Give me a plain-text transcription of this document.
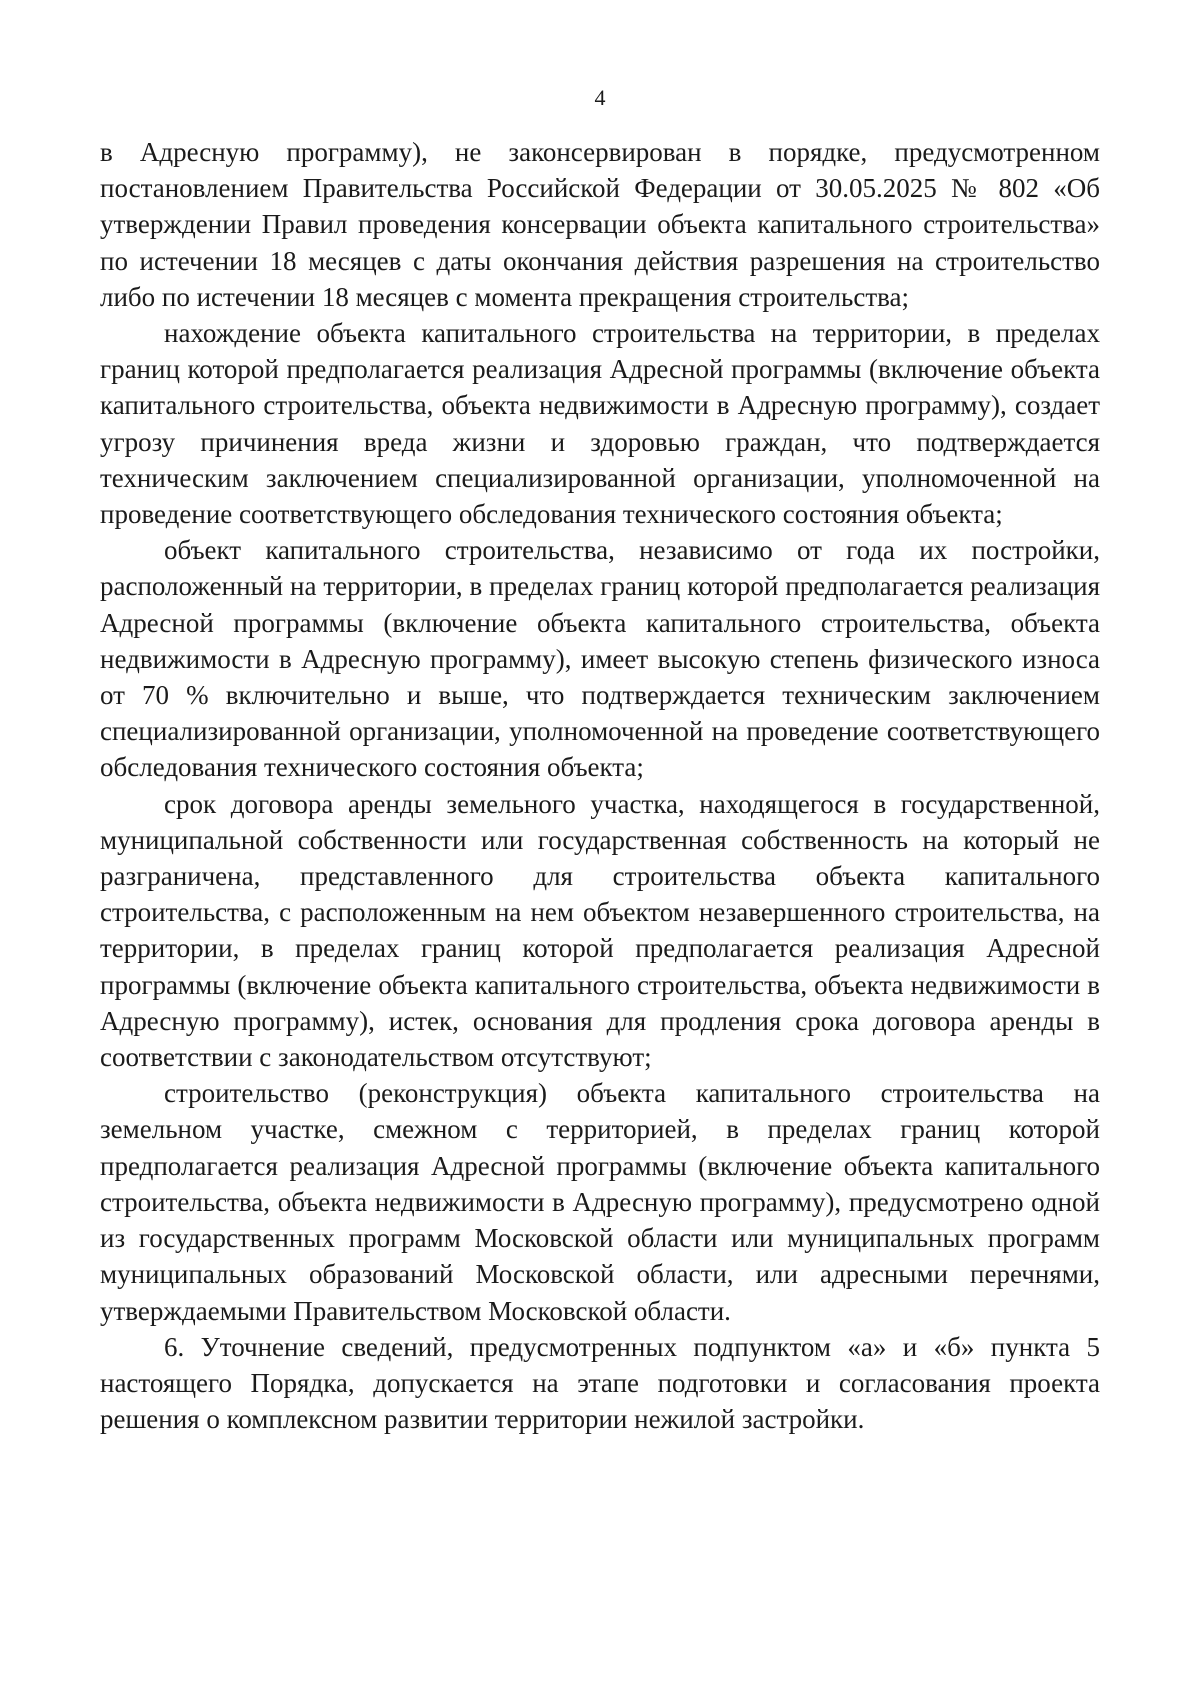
4

в Адресную программу), не законсервирован в порядке, предусмотренном постановлением Правительства Российской Федерации от 30.05.2025 № 802 «Об утверждении Правил проведения консервации объекта капитального строительства» по истечении 18 месяцев с даты окончания действия разрешения на строительство либо по истечении 18 месяцев с момента прекращения строительства;

нахождение объекта капитального строительства на территории, в пределах границ которой предполагается реализация Адресной программы (включение объекта капитального строительства, объекта недвижимости в Адресную программу), создает угрозу причинения вреда жизни и здоровью граждан, что подтверждается техническим заключением специализированной организации, уполномоченной на проведение соответствующего обследования технического состояния объекта;

объект капитального строительства, независимо от года их постройки, расположенный на территории, в пределах границ которой предполагается реализация Адресной программы (включение объекта капитального строительства, объекта недвижимости в Адресную программу), имеет высокую степень физического износа от 70 % включительно и выше, что подтверждается техническим заключением специализированной организации, уполномоченной на проведение соответствующего обследования технического состояния объекта;

срок договора аренды земельного участка, находящегося в государственной, муниципальной собственности или государственная собственность на который не разграничена, представленного для строительства объекта капитального строительства, с расположенным на нем объектом незавершенного строительства, на территории, в пределах границ которой предполагается реализация Адресной программы (включение объекта капитального строительства, объекта недвижимости в Адресную программу), истек, основания для продления срока договора аренды в соответствии с законодательством отсутствуют;

строительство (реконструкция) объекта капитального строительства на земельном участке, смежном с территорией, в пределах границ которой предполагается реализация Адресной программы (включение объекта капитального строительства, объекта недвижимости в Адресную программу), предусмотрено одной из государственных программ Московской области или муниципальных программ муниципальных образований Московской области, или адресными перечнями, утверждаемыми Правительством Московской области.

6. Уточнение сведений, предусмотренных подпунктом «а» и «б» пункта 5 настоящего Порядка, допускается на этапе подготовки и согласования проекта решения о комплексном развитии территории нежилой застройки.
